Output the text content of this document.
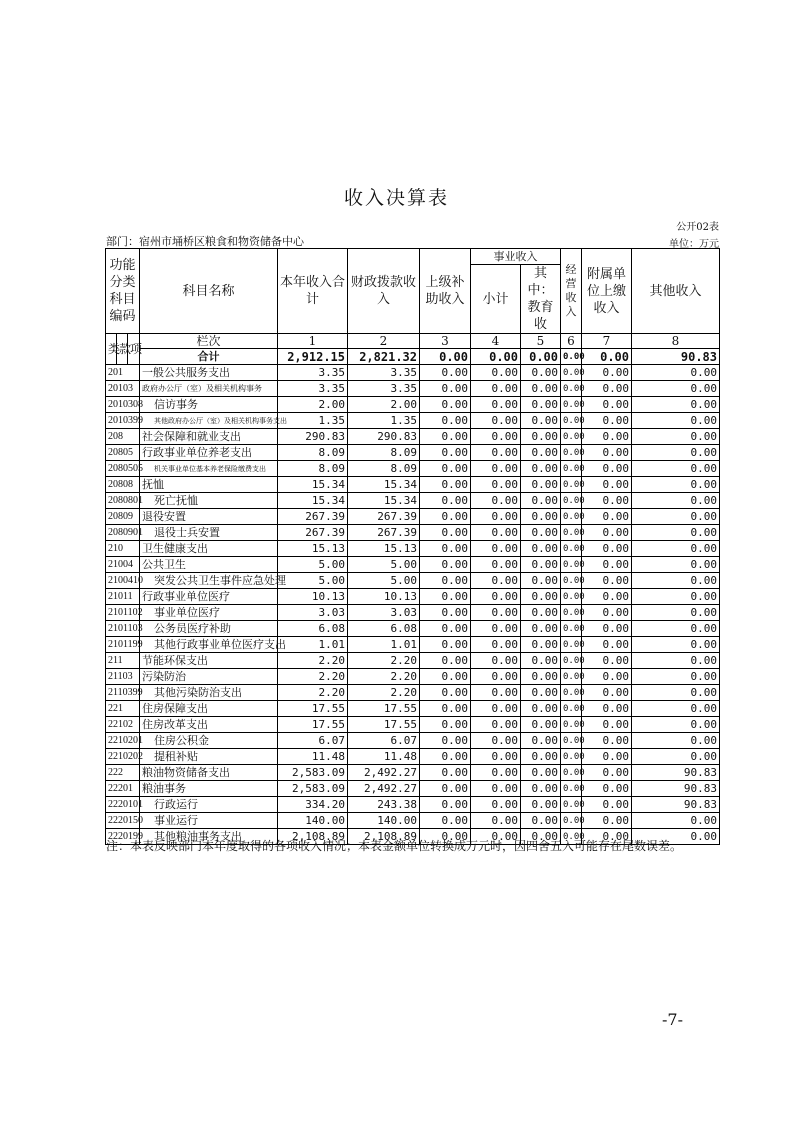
收入决算表
公开02表
部门：宿州市埇桥区粮食和物资储备中心	单位：万元
功能分类科目编码			科目名称	本年收入合计	财政拨款收入	上级补助收入	事业收入		经营收入	附属单位上缴收入	其他收入
							小计	其中：教育收			
类	款	项	栏次	1	2	3	4	5	6	7	8
			合计	2,912.15	2,821.32	0.00	0.00	0.00	0.00	0.00	90.83
201			一般公共服务支出	3.35	3.35	0.00	0.00	0.00	0.00	0.00	0.00
20103			政府办公厅（室）及相关机构事务	3.35	3.35	0.00	0.00	0.00	0.00	0.00	0.00
2010308			信访事务	2.00	2.00	0.00	0.00	0.00	0.00	0.00	0.00
2010399			其他政府办公厅（室）及相关机构事务支出	1.35	1.35	0.00	0.00	0.00	0.00	0.00	0.00
208			社会保障和就业支出	290.83	290.83	0.00	0.00	0.00	0.00	0.00	0.00
20805			行政事业单位养老支出	8.09	8.09	0.00	0.00	0.00	0.00	0.00	0.00
2080505			机关事业单位基本养老保险缴费支出	8.09	8.09	0.00	0.00	0.00	0.00	0.00	0.00
20808			抚恤	15.34	15.34	0.00	0.00	0.00	0.00	0.00	0.00
2080801			死亡抚恤	15.34	15.34	0.00	0.00	0.00	0.00	0.00	0.00
20809			退役安置	267.39	267.39	0.00	0.00	0.00	0.00	0.00	0.00
2080901			退役士兵安置	267.39	267.39	0.00	0.00	0.00	0.00	0.00	0.00
210			卫生健康支出	15.13	15.13	0.00	0.00	0.00	0.00	0.00	0.00
21004			公共卫生	5.00	5.00	0.00	0.00	0.00	0.00	0.00	0.00
2100410			突发公共卫生事件应急处理	5.00	5.00	0.00	0.00	0.00	0.00	0.00	0.00
21011			行政事业单位医疗	10.13	10.13	0.00	0.00	0.00	0.00	0.00	0.00
2101102			事业单位医疗	3.03	3.03	0.00	0.00	0.00	0.00	0.00	0.00
2101103			公务员医疗补助	6.08	6.08	0.00	0.00	0.00	0.00	0.00	0.00
2101199			其他行政事业单位医疗支出	1.01	1.01	0.00	0.00	0.00	0.00	0.00	0.00
211			节能环保支出	2.20	2.20	0.00	0.00	0.00	0.00	0.00	0.00
21103			污染防治	2.20	2.20	0.00	0.00	0.00	0.00	0.00	0.00
2110399			其他污染防治支出	2.20	2.20	0.00	0.00	0.00	0.00	0.00	0.00
221			住房保障支出	17.55	17.55	0.00	0.00	0.00	0.00	0.00	0.00
22102			住房改革支出	17.55	17.55	0.00	0.00	0.00	0.00	0.00	0.00
2210201			住房公积金	6.07	6.07	0.00	0.00	0.00	0.00	0.00	0.00
2210202			提租补贴	11.48	11.48	0.00	0.00	0.00	0.00	0.00	0.00
222			粮油物资储备支出	2,583.09	2,492.27	0.00	0.00	0.00	0.00	0.00	90.83
22201			粮油事务	2,583.09	2,492.27	0.00	0.00	0.00	0.00	0.00	90.83
2220101			行政运行	334.20	243.38	0.00	0.00	0.00	0.00	0.00	90.83
2220150			事业运行	140.00	140.00	0.00	0.00	0.00	0.00	0.00	0.00
2220199			其他粮油事务支出	2,108.89	2,108.89	0.00	0.00	0.00	0.00	0.00	0.00
注：本表反映部门本年度取得的各项收入情况；本表金额单位转换成万元时，因四舍五入可能存在尾数误差。
-7-
